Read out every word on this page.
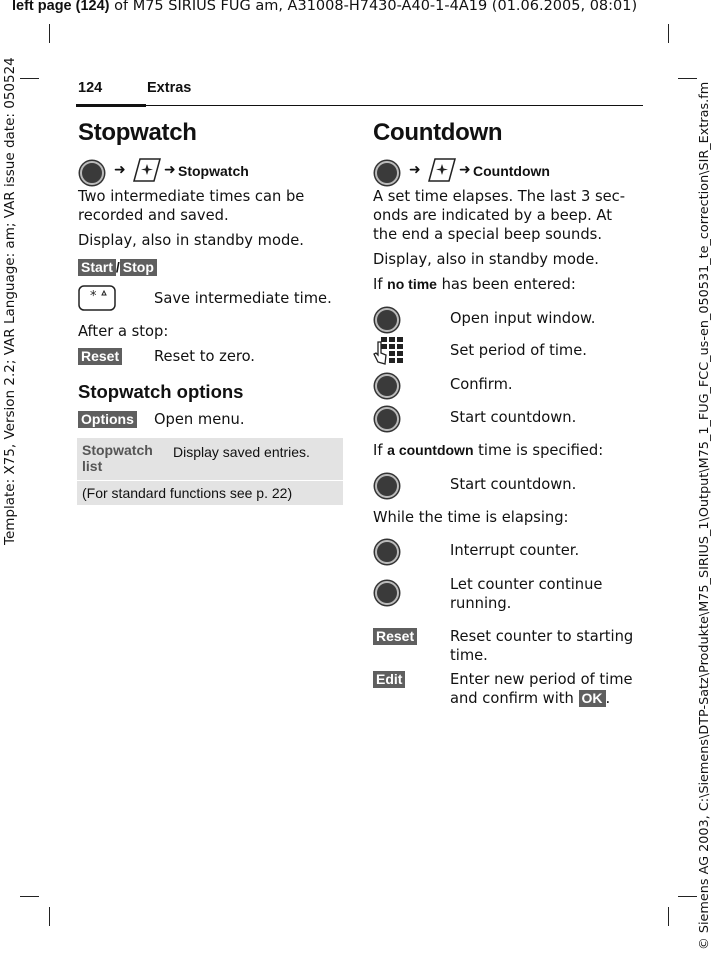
left page (124) of M75 SIRIUS FUG am, A31008-H7430-A40-1-4A19 (01.06.2005, 08:01)
Template: X75, Version 2.2; VAR Language: am; VAR issue date: 050524	© Siemens AG 2003, C:\Siemens\DTP-Satz\Produkte\M75_SIRIUS_1\Output\M75_1_FUG_FCC_us-en_050531_te_correction\SIR_Extras.fm
124	Extras
Stopwatch
➜	➜ Stopwatch
Two intermediate times can be recorded and saved.
Display, also in standby mode.
Start / Stop
*	Save intermediate time.
After a stop:
Reset Reset to zero.
Stopwatch options
Options Open menu.
Stopwatch list
Display saved entries.
(For standard functions see p. 22)
Countdown
➜	➜ Countdown
A set time elapses. The last 3 sec-onds are indicated by a beep. At the end a special beep sounds.
Display, also in standby mode.
If no time has been entered:
Open input window.
Set period of time.
Confirm.
Start countdown.
If a countdown time is specified:
Start countdown.
While the time is elapsing:
Interrupt counter.
Let counter continue running.
Reset Reset counter to starting time.
Edit	Enter new period of time and confirm with OK .
